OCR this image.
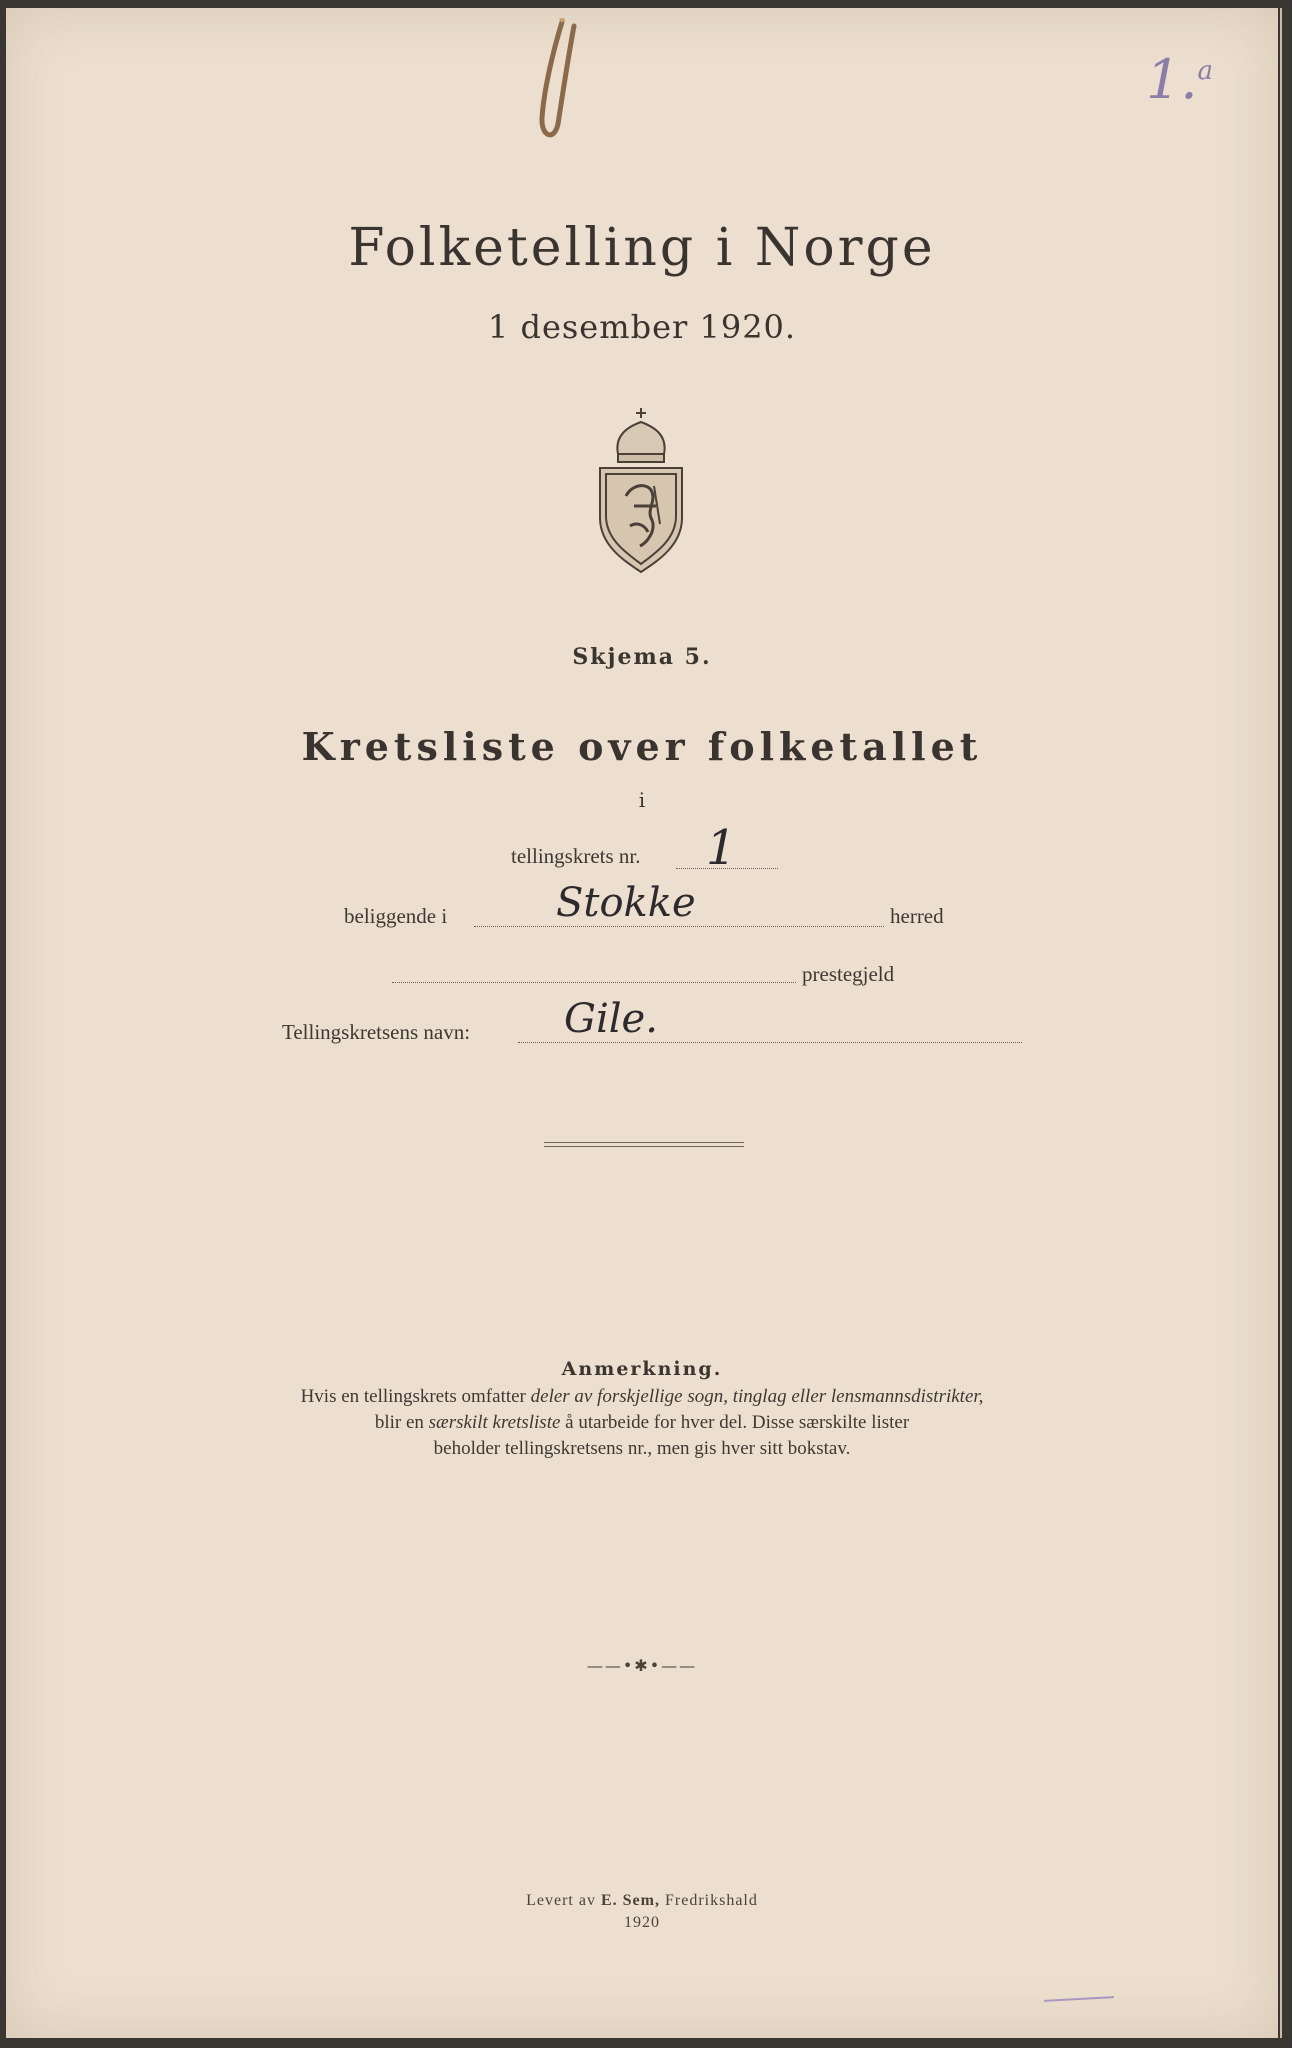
1.$^a$
Folketelling i Norge
1 desember 1920.
Skjema 5.
Kretsliste over folketallet
i
tellingskrets nr. 1
beliggende i	Stokke	herred
prestegjeld
Tellingskretsens navn: Gile.
Anmerkning.
Hvis en tellingskrets omfatter deler av forskjellige sogn, tinglag eller lensmannsdistrikter,
blir en særskilt kretsliste å utarbeide for hver del. Disse særskilte lister
beholder tellingskretsens nr., men gis hver sitt bokstav.
——•✱•——
Levert av E. Sem, Fredrikshald
1920
